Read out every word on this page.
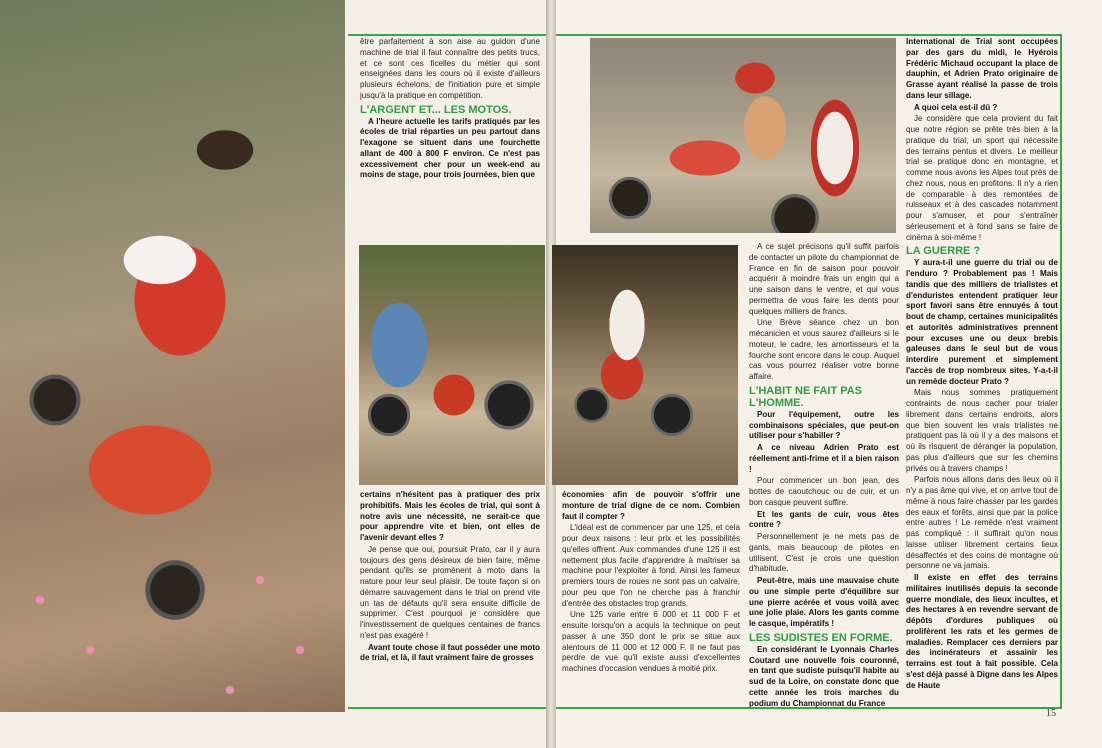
être parfaitement à son aise au guidon d'une machine de trial il faut connaître des petits trucs, et ce sont ces ficelles du métier qui sont enseignées dans les cours où il existe d'ailleurs plusieurs échelons, de l'initiation pure et simple jusqu'à la pratique en compétition.

L'ARGENT ET... LES MOTOS.

A l'heure actuelle les tarifs pratiqués par les écoles de trial réparties un peu partout dans l'exagone se situent dans une fourchette allant de 400 à 800 F environ. Ce n'est pas excessivement cher pour un week-end au moins de stage, pour trois journées, bien que

certains n'hésitent pas à pratiquer des prix prohibitifs. Mais les écoles de trial, qui sont à notre avis une nécessité, ne serait-ce que pour apprendre vite et bien, ont elles de l'avenir devant elles ?

Je pense que oui, poursuit Prato, car il y aura toujours des gens désireux de bien faire, même pendant qu'ils se promènent à moto dans la nature pour leur seul plaisir. De toute façon si on démarre sauvagement dans le trial on prend vite un tas de défauts qu'il sera ensuite difficile de supprimer. C'est pourquoi je considère que l'investissement de quelques centaines de francs n'est pas exagéré !

Avant toute chose il faut posséder une moto de trial, et là, il faut vraiment faire de grosses

économies afin de pouvoir s'offrir une monture de trial digne de ce nom. Combien faut il compter ?

L'idéal est de commencer par une 125, et cela pour deux raisons : leur prix et les possibilités qu'elles offrent. Aux commandes d'une 125 il est nettement plus facile d'apprendre à maîtriser sa machine pour l'exploiter à fond. Ainsi les fameux premiers tours de roues ne sont pas un calvaire, pour peu que l'on ne cherche pas à franchir d'entrée des obstacles trop grands.

Une 125 varie entre 6 000 et 11 000 F et ensuite lorsqu'on a acquis la technique on peut passer à une 350 dont le prix se situe aux alentours de 11 000 et 12 000 F. Il ne faut pas perdre de vue qu'il existe aussi d'excellentes machines d'occasion vendues à moitié prix.

A ce sujet précisons qu'il suffit parfois de contacter un pilote du championnat de France en fin de saison pour pouvoir acquérir à moindre frais un engin qui a une saison dans le ventre, et qui vous permettra de vous faire les dents pour quelques milliers de francs.

Une Brève séance chez un bon mécanicien et vous saurez d'ailleurs si le moteur, le cadre, les amortisseurs et la fourche sont encore dans le coup. Auquel cas vous pourrez réaliser votre bonne affaire.

L'HABIT NE FAIT PAS L'HOMME.

Pour l'équipement, outre les combinaisons spéciales, que peut-on utiliser pour s'habiller ?

A ce niveau Adrien Prato est réellement anti-frime et il a bien raison !

Pour commencer un bon jean, des bottes de caoutchouc ou de cuir, et un bon casque peuvent suffire.

Et les gants de cuir, vous êtes contre ?

Personnellement je ne mets pas de gants, mais beaucoup de pilotes en utilisent. C'est je crois une question d'habitude.

Peut-être, mais une mauvaise chute ou une simple perte d'équilibre sur une pierre acérée et vous voilà avec une jolie plaie. Alors les gants comme le casque, impératifs !

LES SUDISTES EN FORME.

En considérant le Lyonnais Charles Coutard une nouvelle fois couronné, en tant que sudiste puisqu'il habite au sud de la Loire, on constate donc que cette année les trois marches du podium du Championnat du France

International de Trial sont occupées par des gars du midi, le Hyérois Frédéric Michaud occupant la place de dauphin, et Adrien Prato originaire de Grasse ayant réalisé la passe de trois dans leur sillage.

A quoi cela est-il dû ?

Je considère que cela provient du fait que notre région se prête très bien à la pratique du trial, un sport qui nécessite des terrains pentus et divers. Le meilleur trial se pratique donc en montagne, et comme nous avons les Alpes tout près de chez nous, nous en profitons. Il n'y a rien de comparable à des remontées de ruisseaux et à des cascades notamment pour s'amuser, et pour s'entraîner sérieusement et à fond sans se faire de cinéma à soi-même !

LA GUERRE ?

Y aura-t-il une guerre du trial ou de l'enduro ? Probablement pas ! Mais tandis que des milliers de trialistes et d'enduristes entendent pratiquer leur sport favori sans être ennuyés à tout bout de champ, certaines municipalités et autorités administratives prennent pour excuses une ou deux brebis galeuses dans le seul but de vous interdire purement et simplement l'accès de trop nombreux sites. Y-a-t-il un remède docteur Prato ?

Mais nous sommes pratiquement contraints de nous cacher pour trialer librement dans certains endroits, alors que bien souvent les vrais trialistes ne pratiquent pas là où il y a des maisons et où ils risquent de déranger la population, pas plus d'ailleurs que sur les chemins privés ou à travers champs !

Parfois nous allons dans des lieux où il n'y a pas âme qui vive, et on arrive tout de même à nous faire chasser par les gardes des eaux et forêts, ainsi que par la police entre autres ! Le remède n'est vraiment pas compliqué : il suffirait qu'on nous laisse utiliser librement certains lieux désaffectés et des coins de montagne où personne ne va jamais.

Il existe en effet des terrains militaires inutilisés depuis la seconde guerre mondiale, des lieux incultes, et des hectares à en revendre servant de dépôts d'ordures publiques où prolifèrent les rats et les germes de maladies. Remplacer ces derniers par des incinérateurs et assainir les terrains est tout à fait possible. Cela s'est déjà passé à Digne dans les Alpes de Haute

15
